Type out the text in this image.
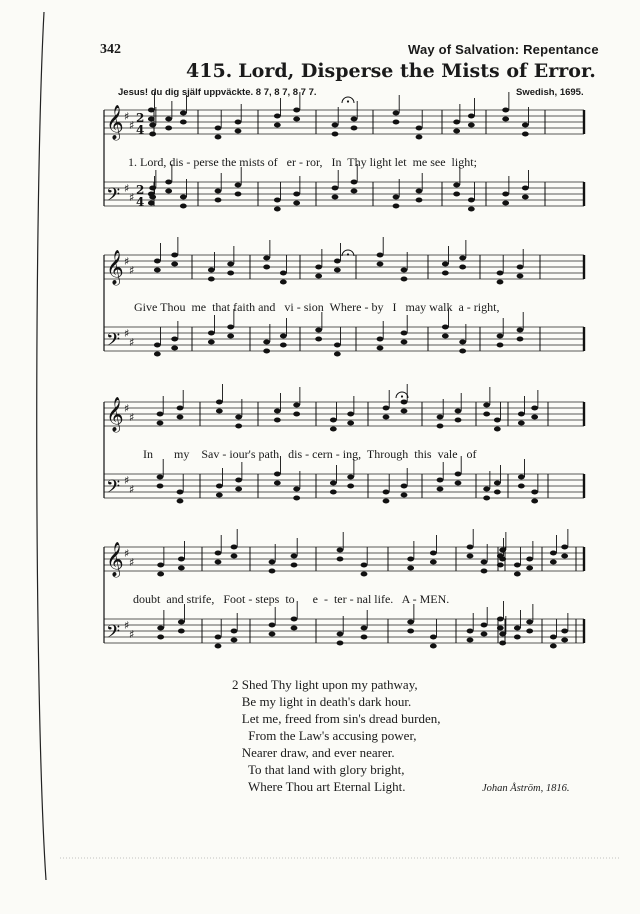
342	Way of Salvation: Repentance
415. Lord, Disperse the Mists of Error.
Jesus! du dig själf uppväckte. 8 7, 8 7, 8 7 7.	Swedish, 1695.
𝄞 ♯
♯
2
4
𝄢 ♯
♯
2
4
𝄞 ♯
♯
𝄢 ♯
♯
𝄞 ♯
♯
𝄢 ♯
♯
𝄞 ♯
♯
𝄢 ♯
♯
1. Lord, dis - perse the mists of   er - ror,   In  Thy light let  me see  light;
Give Thou  me  that faith and   vi - sion  Where - by   I   may walk  a - right,
In       my    Sav - iour's path   dis - cern - ing,  Through  this  vale   of
doubt  and strife,   Foot - steps  to      e  -  ter - nal life.   A - MEN.
2 Shed Thy light upon my pathway,
Be my light in death's dark hour.
Let me, freed from sin's dread burden,
From the Law's accusing power,
Nearer draw, and ever nearer.
To that land with glory bright,
Where Thou art Eternal Light.	Johan Åström, 1816.
